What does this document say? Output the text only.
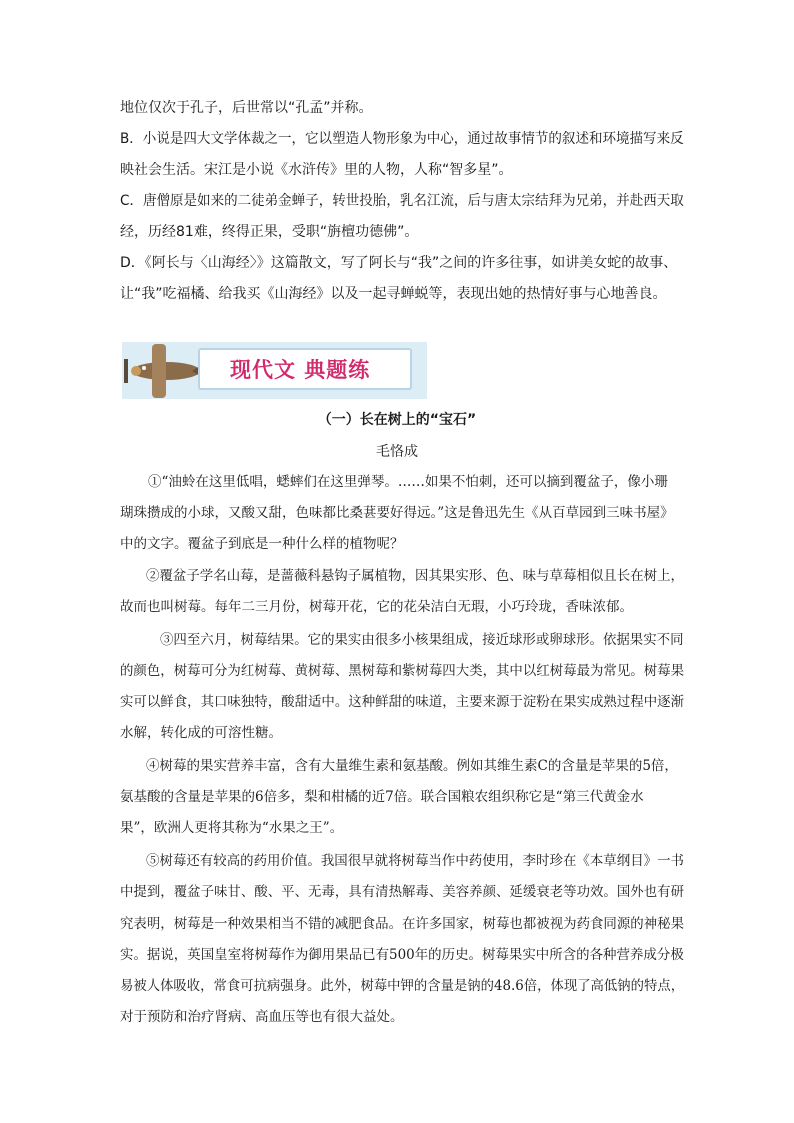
地位仅次于孔子，后世常以“孔孟”并称。
B．小说是四大文学体裁之一，它以塑造人物形象为中心，通过故事情节的叙述和环境描写来反
映社会生活。宋江是小说《水浒传》里的人物，人称“智多星”。
C．唐僧原是如来的二徒弟金蝉子，转世投胎，乳名江流，后与唐太宗结拜为兄弟，并赴西天取
经，历经81难，终得正果，受职“旃檀功德佛”。
D．《阿长与〈山海经〉》这篇散文，写了阿长与“我”之间的许多往事，如讲美女蛇的故事、
让“我”吃福橘、给我买《山海经》以及一起寻蝉蜕等，表现出她的热情好事与心地善良。
现代文 典题练
（一）长在树上的“宝石”
毛恪成
①“油蛉在这里低唱，蟋蟀们在这里弹琴。……如果不怕刺，还可以摘到覆盆子，像小珊
瑚珠攒成的小球，又酸又甜，色味都比桑葚要好得远。”这是鲁迅先生《从百草园到三味书屋》
中的文字。覆盆子到底是一种什么样的植物呢？
②覆盆子学名山莓，是蔷薇科悬钩子属植物，因其果实形、色、味与草莓相似且长在树上，
故而也叫树莓。每年二三月份，树莓开花，它的花朵洁白无瑕，小巧玲珑，香味浓郁。
③四至六月，树莓结果。它的果实由很多小核果组成，接近球形或卵球形。依据果实不同
的颜色，树莓可分为红树莓、黄树莓、黑树莓和紫树莓四大类，其中以红树莓最为常见。树莓果
实可以鲜食，其口味独特，酸甜适中。这种鲜甜的味道，主要来源于淀粉在果实成熟过程中逐渐
水解，转化成的可溶性糖。
④树莓的果实营养丰富，含有大量维生素和氨基酸。例如其维生素C的含量是苹果的5倍，
氨基酸的含量是苹果的6倍多，梨和柑橘的近7倍。联合国粮农组织称它是“第三代黄金水
果”，欧洲人更将其称为“水果之王”。
⑤树莓还有较高的药用价值。我国很早就将树莓当作中药使用，李时珍在《本草纲目》一书
中提到，覆盆子味甘、酸、平、无毒，具有清热解毒、美容养颜、延缓衰老等功效。国外也有研
究表明，树莓是一种效果相当不错的减肥食品。在许多国家，树莓也都被视为药食同源的神秘果
实。据说，英国皇室将树莓作为御用果品已有500年的历史。树莓果实中所含的各种营养成分极
易被人体吸收，常食可抗病强身。此外，树莓中钾的含量是钠的48.6倍，体现了高低钠的特点，
对于预防和治疗肾病、高血压等也有很大益处。
